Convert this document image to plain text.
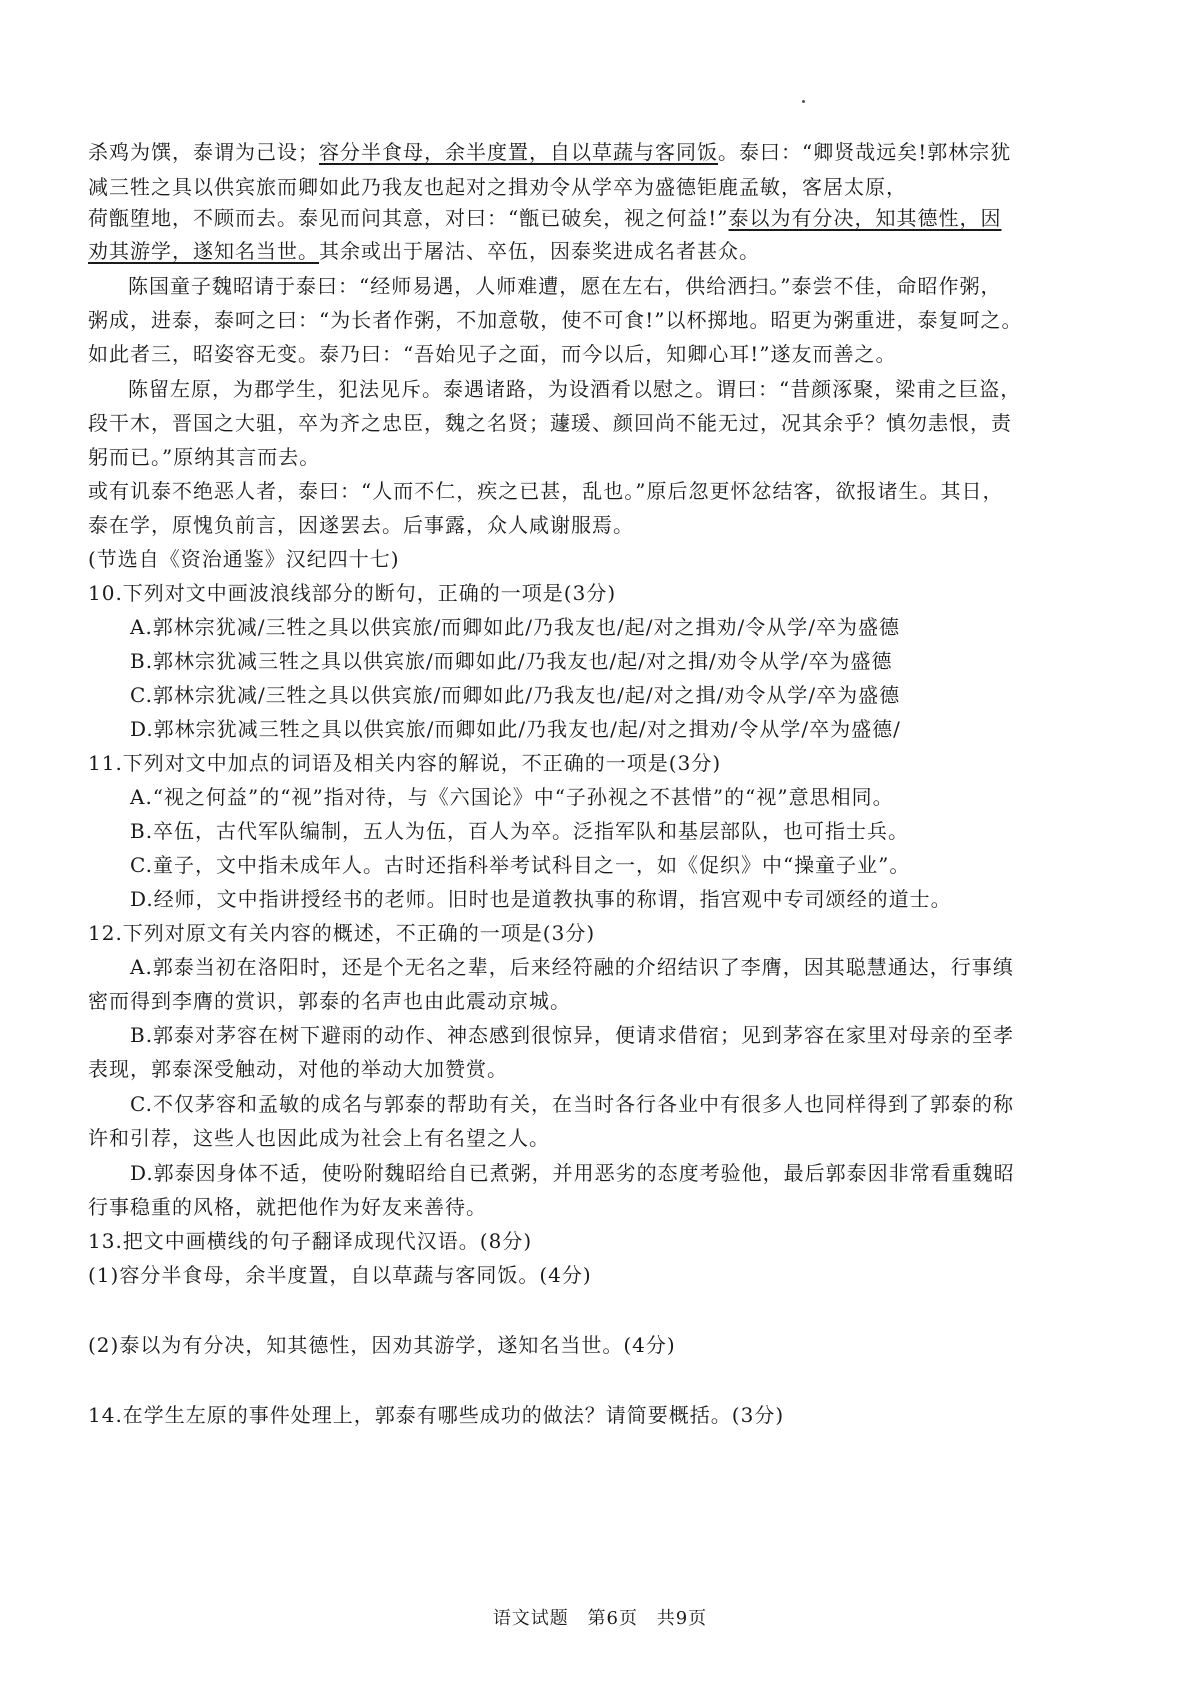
杀鸡为馔，泰谓为己设；容分半食母，余半度置，自以草蔬与客同饭。泰曰：“卿贤哉远矣!郭林宗犹
减三牲之具以供宾旅而卿如此乃我友也起对之揖劝令从学卒为盛德钜鹿孟敏，客居太原，
荷甑堕地，不顾而去。泰见而问其意，对曰：“甑已破矣，视之何益!”泰以为有分决，知其德性，因
劝其游学，遂知名当世。其余或出于屠沽、卒伍，因泰奖进成名者甚众。
陈国童子魏昭请于泰曰：“经师易遇，人师难遭，愿在左右，供给洒扫。”泰尝不佳，命昭作粥，
粥成，进泰，泰呵之曰：“为长者作粥，不加意敬，使不可食!”以杯掷地。昭更为粥重进，泰复呵之。
如此者三，昭姿容无变。泰乃曰：“吾始见子之面，而今以后，知卿心耳!”遂友而善之。
陈留左原，为郡学生，犯法见斥。泰遇诸路，为设酒肴以慰之。谓曰：“昔颜涿聚，梁甫之巨盗，
段干木，晋国之大驵，卒为齐之忠臣，魏之名贤；蘧瑗、颜回尚不能无过，况其余乎？慎勿恚恨，责
躬而已。”原纳其言而去。
或有讥泰不绝恶人者，泰曰：“人而不仁，疾之已甚，乱也。”原后忽更怀忿结客，欲报诸生。其日，
泰在学，原愧负前言，因遂罢去。后事露，众人咸谢服焉。
(节选自《资治通鉴》汉纪四十七)
10.下列对文中画波浪线部分的断句，正确的一项是(3分)
A.郭林宗犹减/三牲之具以供宾旅/而卿如此/乃我友也/起/对之揖劝/令从学/卒为盛德
B.郭林宗犹减三牲之具以供宾旅/而卿如此/乃我友也/起/对之揖/劝令从学/卒为盛德
C.郭林宗犹减/三牲之具以供宾旅/而卿如此/乃我友也/起/对之揖/劝令从学/卒为盛德
D.郭林宗犹减三牲之具以供宾旅/而卿如此/乃我友也/起/对之揖劝/令从学/卒为盛德/
11.下列对文中加点的词语及相关内容的解说，不正确的一项是(3分)
A.“视之何益”的“视”指对待，与《六国论》中“子孙视之不甚惜”的“视”意思相同。
B.卒伍，古代军队编制，五人为伍，百人为卒。泛指军队和基层部队，也可指士兵。
C.童子，文中指未成年人。古时还指科举考试科目之一，如《促织》中“操童子业”。
D.经师，文中指讲授经书的老师。旧时也是道教执事的称谓，指宫观中专司颂经的道士。
12.下列对原文有关内容的概述，不正确的一项是(3分)
A.郭泰当初在洛阳时，还是个无名之辈，后来经符融的介绍结识了李膺，因其聪慧通达，行事缜
密而得到李膺的赏识，郭泰的名声也由此震动京城。
B.郭泰对茅容在树下避雨的动作、神态感到很惊异，便请求借宿；见到茅容在家里对母亲的至孝
表现，郭泰深受触动，对他的举动大加赞赏。
C.不仅茅容和孟敏的成名与郭泰的帮助有关，在当时各行各业中有很多人也同样得到了郭泰的称
许和引荐，这些人也因此成为社会上有名望之人。
D.郭泰因身体不适，使吩附魏昭给自已煮粥，并用恶劣的态度考验他，最后郭泰因非常看重魏昭
行事稳重的风格，就把他作为好友来善待。
13.把文中画横线的句子翻译成现代汉语。(8分)
(1)容分半食母，余半度置，自以草蔬与客同饭。(4分)
(2)泰以为有分决，知其德性，因劝其游学，遂知名当世。(4分)
14.在学生左原的事件处理上，郭泰有哪些成功的做法？请简要概括。(3分)
语文试题 第6页 共9页
